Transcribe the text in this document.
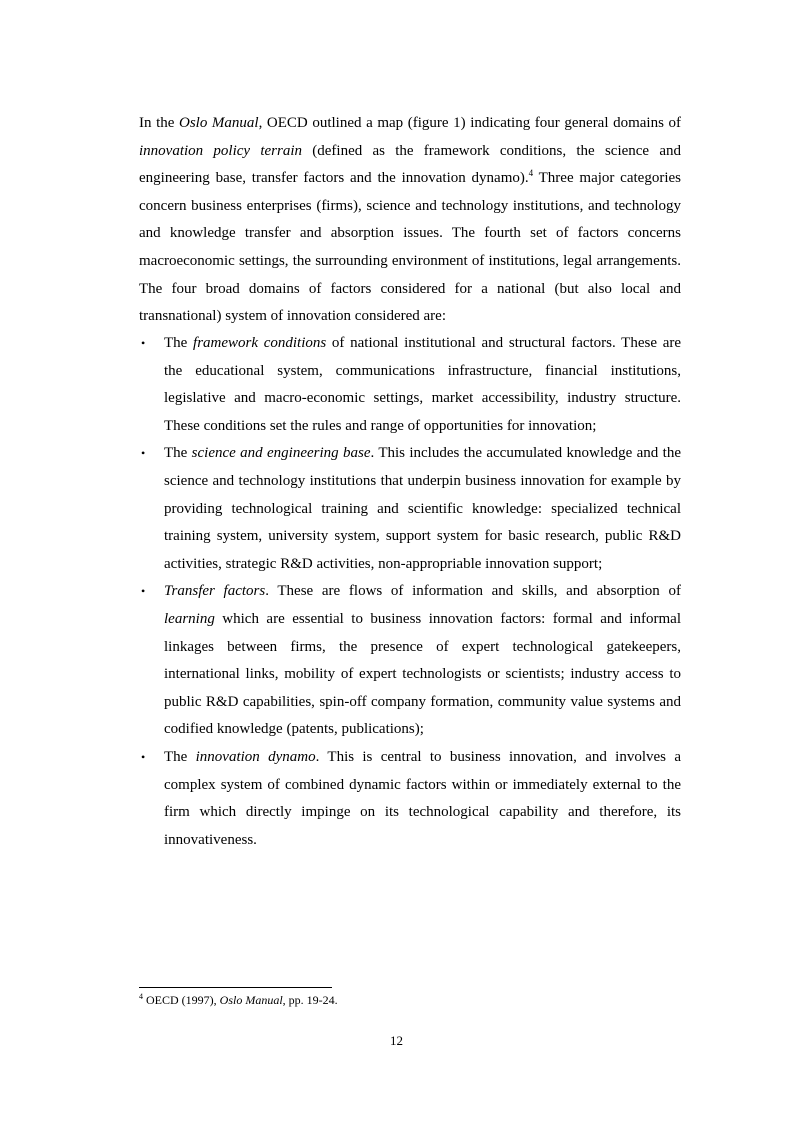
In the Oslo Manual, OECD outlined a map (figure 1) indicating four general domains of innovation policy terrain (defined as the framework conditions, the science and engineering base, transfer factors and the innovation dynamo).$^4$ Three major categories concern business enterprises (firms), science and technology institutions, and technology and knowledge transfer and absorption issues. The fourth set of factors concerns macroeconomic settings, the surrounding environment of institutions, legal arrangements. The four broad domains of factors considered for a national (but also local and transnational) system of innovation considered are:

•	The framework conditions of national institutional and structural factors. These are the educational system, communications infrastructure, financial institutions, legislative and macro-economic settings, market accessibility, industry structure. These conditions set the rules and range of opportunities for innovation;
•	The science and engineering base. This includes the accumulated knowledge and the science and technology institutions that underpin business innovation for example by providing technological training and scientific knowledge: specialized technical training system, university system, support system for basic research, public R&D activities, strategic R&D activities, non-appropriable innovation support;
•	Transfer factors. These are flows of information and skills, and absorption of learning which are essential to business innovation factors: formal and informal linkages between firms, the presence of expert technological gatekeepers, international links, mobility of expert technologists or scientists; industry access to public R&D capabilities, spin-off company formation, community value systems and codified knowledge (patents, publications);
•	The innovation dynamo. This is central to business innovation, and involves a complex system of combined dynamic factors within or immediately external to the firm which directly impinge on its technological capability and therefore, its innovativeness.

$^4$ OECD (1997), Oslo Manual, pp. 19-24.

12
